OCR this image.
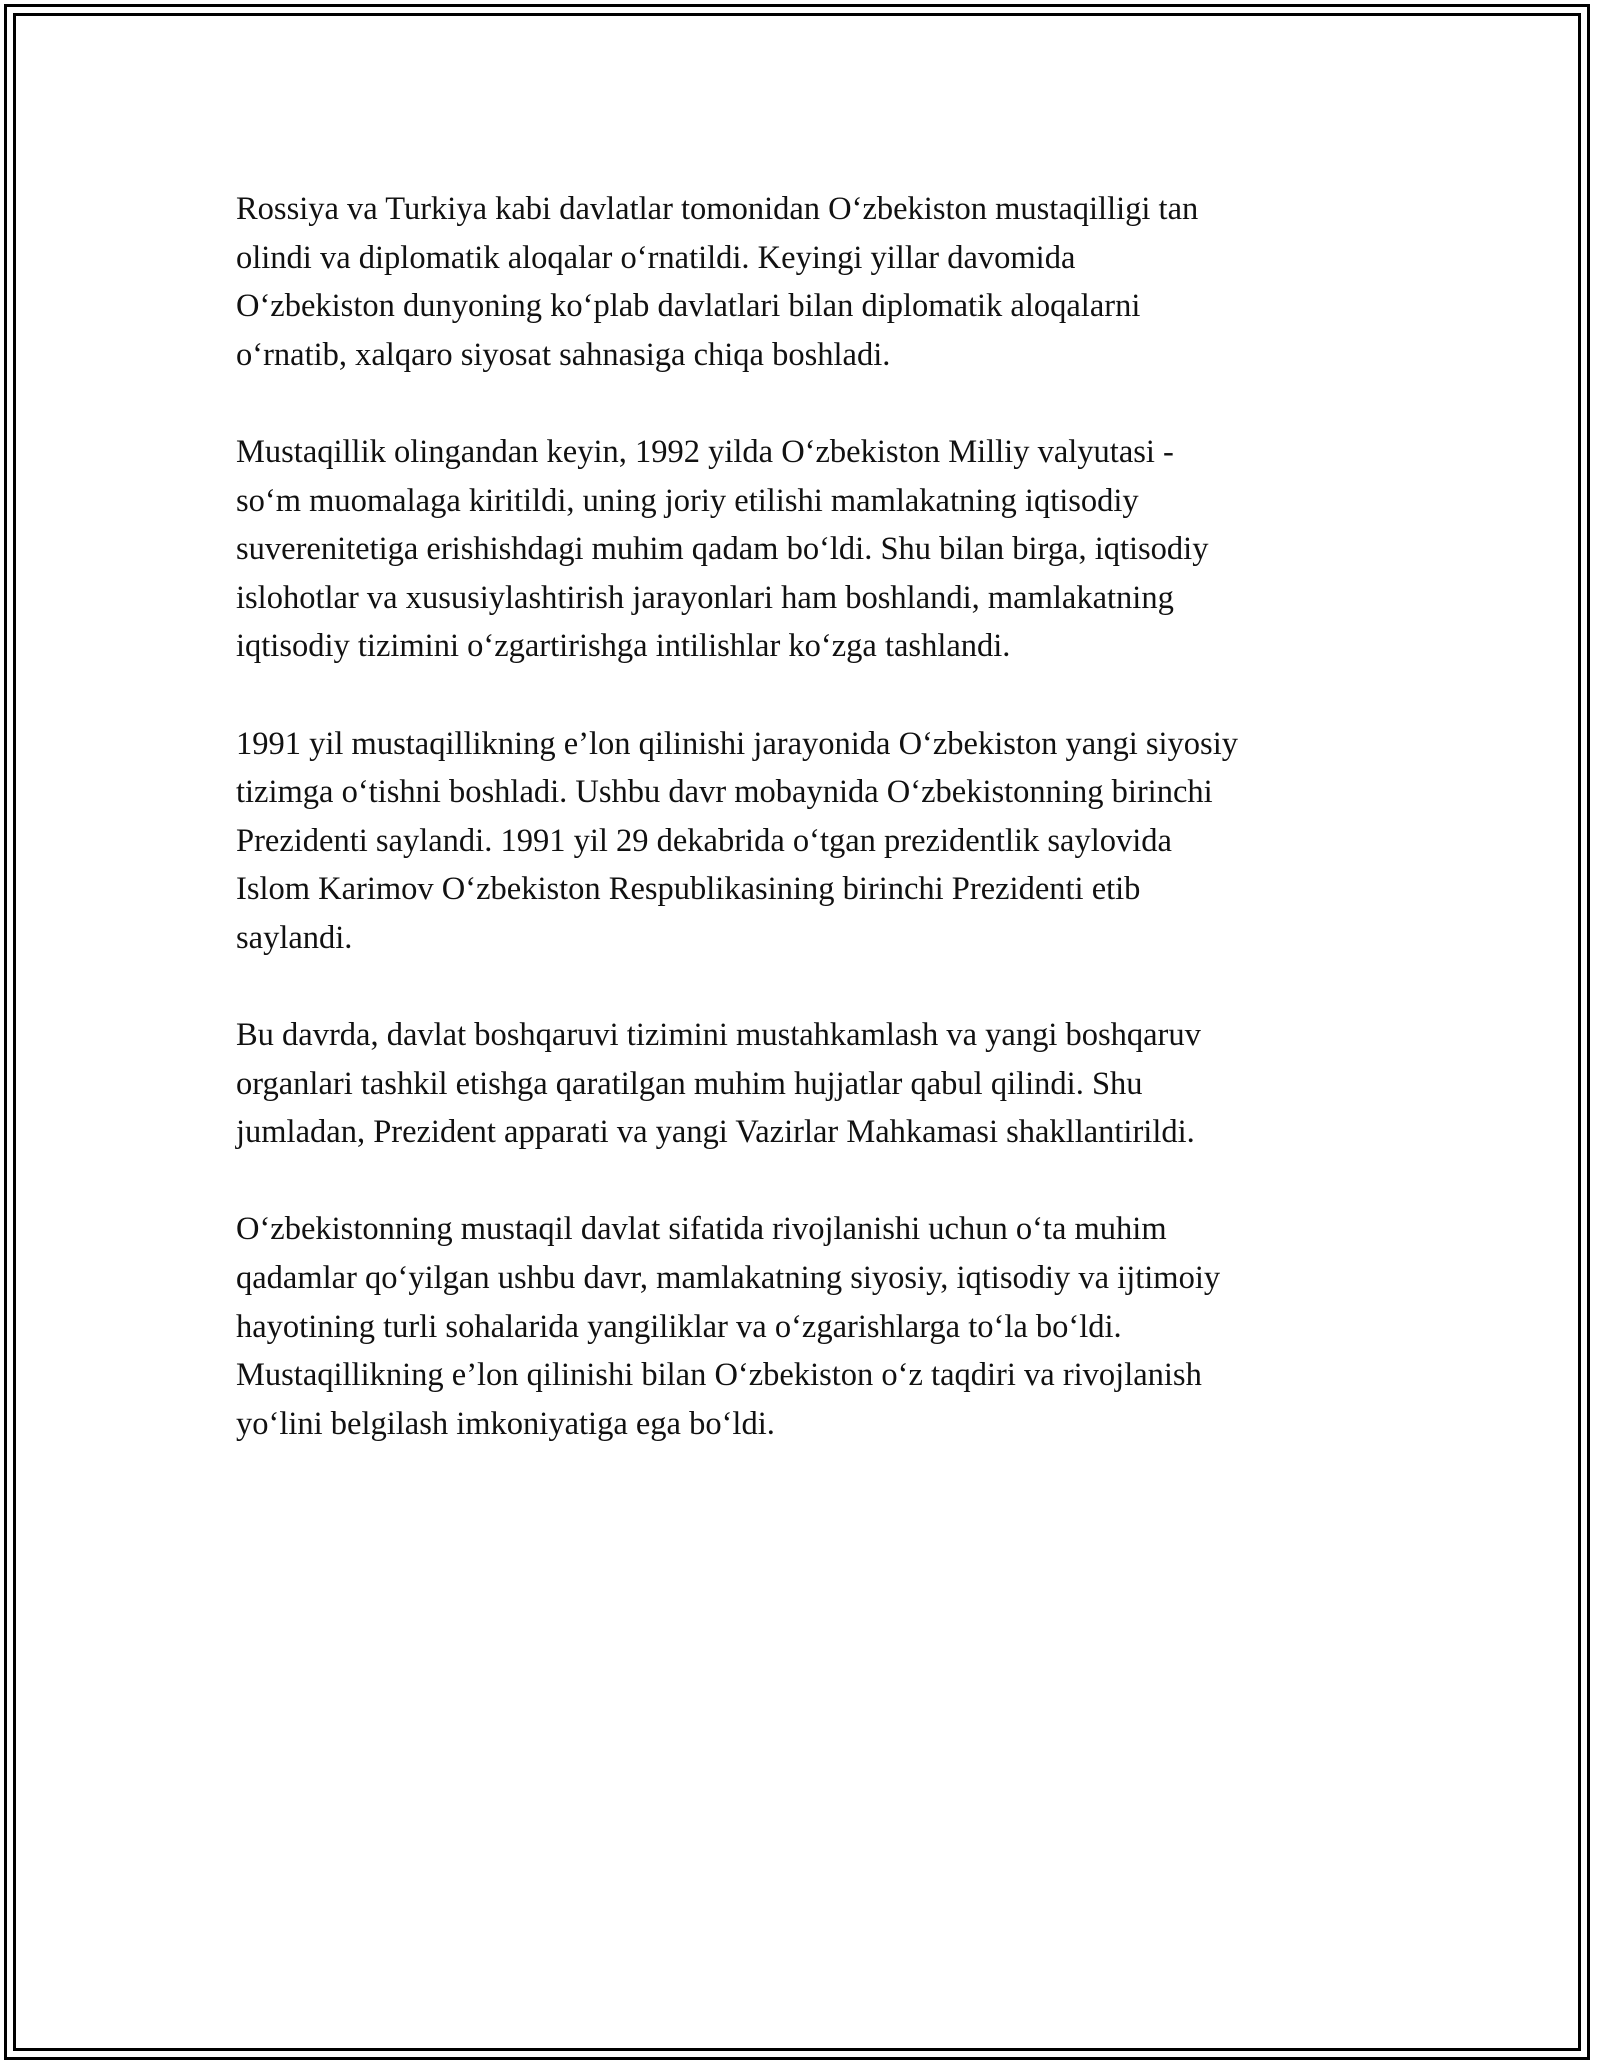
Rossiya va Turkiya kabi davlatlar tomonidan O‘zbekiston mustaqilligi tan
olindi va diplomatik aloqalar o‘rnatildi. Keyingi yillar davomida
O‘zbekiston dunyoning ko‘plab davlatlari bilan diplomatik aloqalarni
o‘rnatib, xalqaro siyosat sahnasiga chiqa boshladi.

Mustaqillik olingandan keyin, 1992 yilda O‘zbekiston Milliy valyutasi -
so‘m muomalaga kiritildi, uning joriy etilishi mamlakatning iqtisodiy
suverenitetiga erishishdagi muhim qadam bo‘ldi. Shu bilan birga, iqtisodiy
islohotlar va xususiylashtirish jarayonlari ham boshlandi, mamlakatning
iqtisodiy tizimini o‘zgartirishga intilishlar ko‘zga tashlandi.

1991 yil mustaqillikning e’lon qilinishi jarayonida O‘zbekiston yangi siyosiy
tizimga o‘tishni boshladi. Ushbu davr mobaynida O‘zbekistonning birinchi
Prezidenti saylandi. 1991 yil 29 dekabrida o‘tgan prezidentlik saylovida
Islom Karimov O‘zbekiston Respublikasining birinchi Prezidenti etib
saylandi.

Bu davrda, davlat boshqaruvi tizimini mustahkamlash va yangi boshqaruv
organlari tashkil etishga qaratilgan muhim hujjatlar qabul qilindi. Shu
jumladan, Prezident apparati va yangi Vazirlar Mahkamasi shakllantirildi.

O‘zbekistonning mustaqil davlat sifatida rivojlanishi uchun o‘ta muhim
qadamlar qo‘yilgan ushbu davr, mamlakatning siyosiy, iqtisodiy va ijtimoiy
hayotining turli sohalarida yangiliklar va o‘zgarishlarga to‘la bo‘ldi.
Mustaqillikning e’lon qilinishi bilan O‘zbekiston o‘z taqdiri va rivojlanish
yo‘lini belgilash imkoniyatiga ega bo‘ldi.
